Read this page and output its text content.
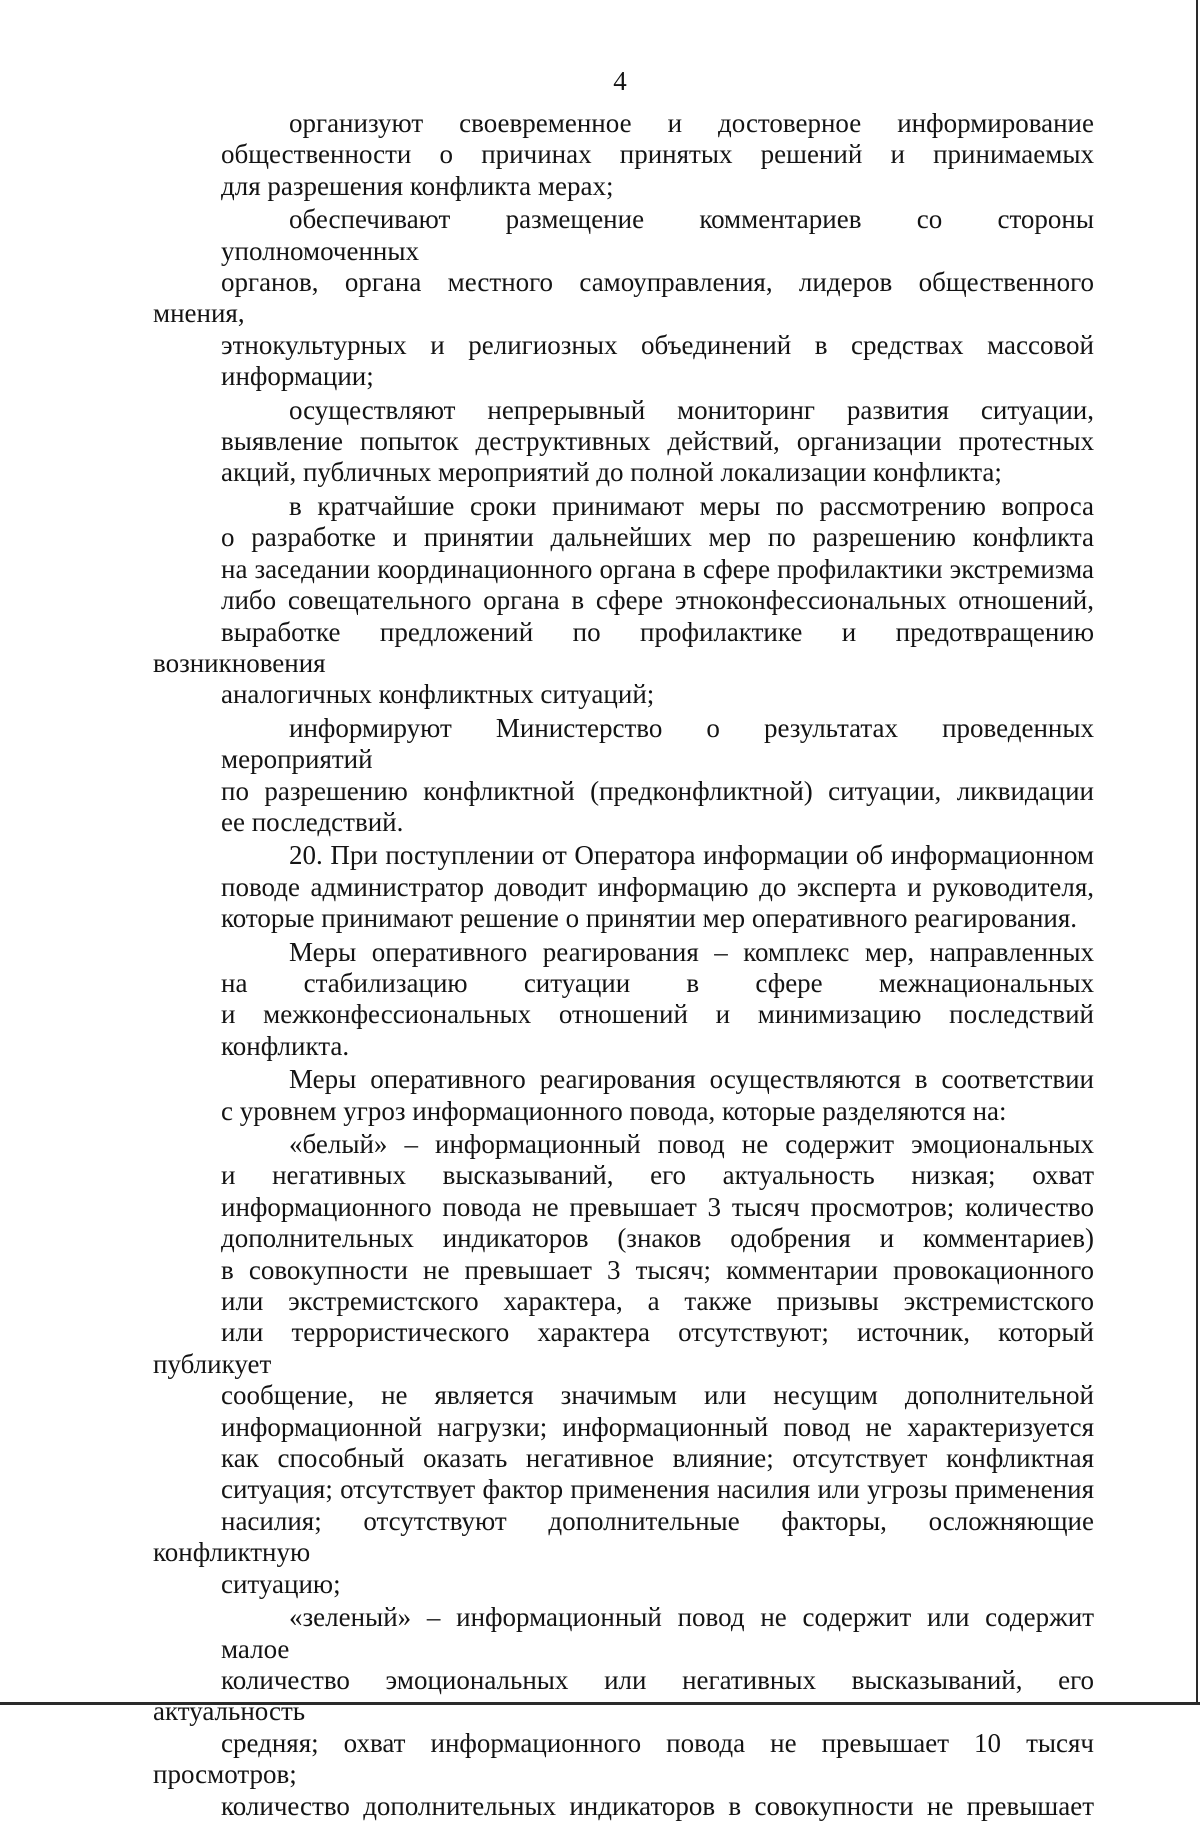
4
организуют своевременное и достоверное информирование
общественности о причинах принятых решений и принимаемых
для разрешения конфликта мерах;
обеспечивают размещение комментариев со стороны уполномоченных
органов, органа местного самоуправления, лидеров общественного мнения,
этнокультурных и религиозных объединений в средствах массовой
информации;
осуществляют непрерывный мониторинг развития ситуации,
выявление попыток деструктивных действий, организации протестных
акций, публичных мероприятий до полной локализации конфликта;
в кратчайшие сроки принимают меры по рассмотрению вопроса
о разработке и принятии дальнейших мер по разрешению конфликта
на заседании координационного органа в сфере профилактики экстремизма
либо совещательного органа в сфере этноконфессиональных отношений,
выработке предложений по профилактике и предотвращению возникновения
аналогичных конфликтных ситуаций;
информируют Министерство о результатах проведенных мероприятий
по разрешению конфликтной (предконфликтной) ситуации, ликвидации
ее последствий.
20. При поступлении от Оператора информации об информационном
поводе администратор доводит информацию до эксперта и руководителя,
которые принимают решение о принятии мер оперативного реагирования.
Меры оперативного реагирования – комплекс мер, направленных
на стабилизацию ситуации в сфере межнациональных
и межконфессиональных отношений и минимизацию последствий
конфликта.
Меры оперативного реагирования осуществляются в соответствии
с уровнем угроз информационного повода, которые разделяются на:
«белый» – информационный повод не содержит эмоциональных
и негативных высказываний, его актуальность низкая; охват
информационного повода не превышает 3 тысяч просмотров; количество
дополнительных индикаторов (знаков одобрения и комментариев)
в совокупности не превышает 3 тысяч; комментарии провокационного
или экстремистского характера, а также призывы экстремистского
или террористического характера отсутствуют; источник, который публикует
сообщение, не является значимым или несущим дополнительной
информационной нагрузки; информационный повод не характеризуется
как способный оказать негативное влияние; отсутствует конфликтная
ситуация; отсутствует фактор применения насилия или угрозы применения
насилия; отсутствуют дополнительные факторы, осложняющие конфликтную
ситуацию;
«зеленый» – информационный повод не содержит или содержит малое
количество эмоциональных или негативных высказываний, его актуальность
средняя; охват информационного повода не превышает 10 тысяч просмотров;
количество дополнительных индикаторов в совокупности не превышает
